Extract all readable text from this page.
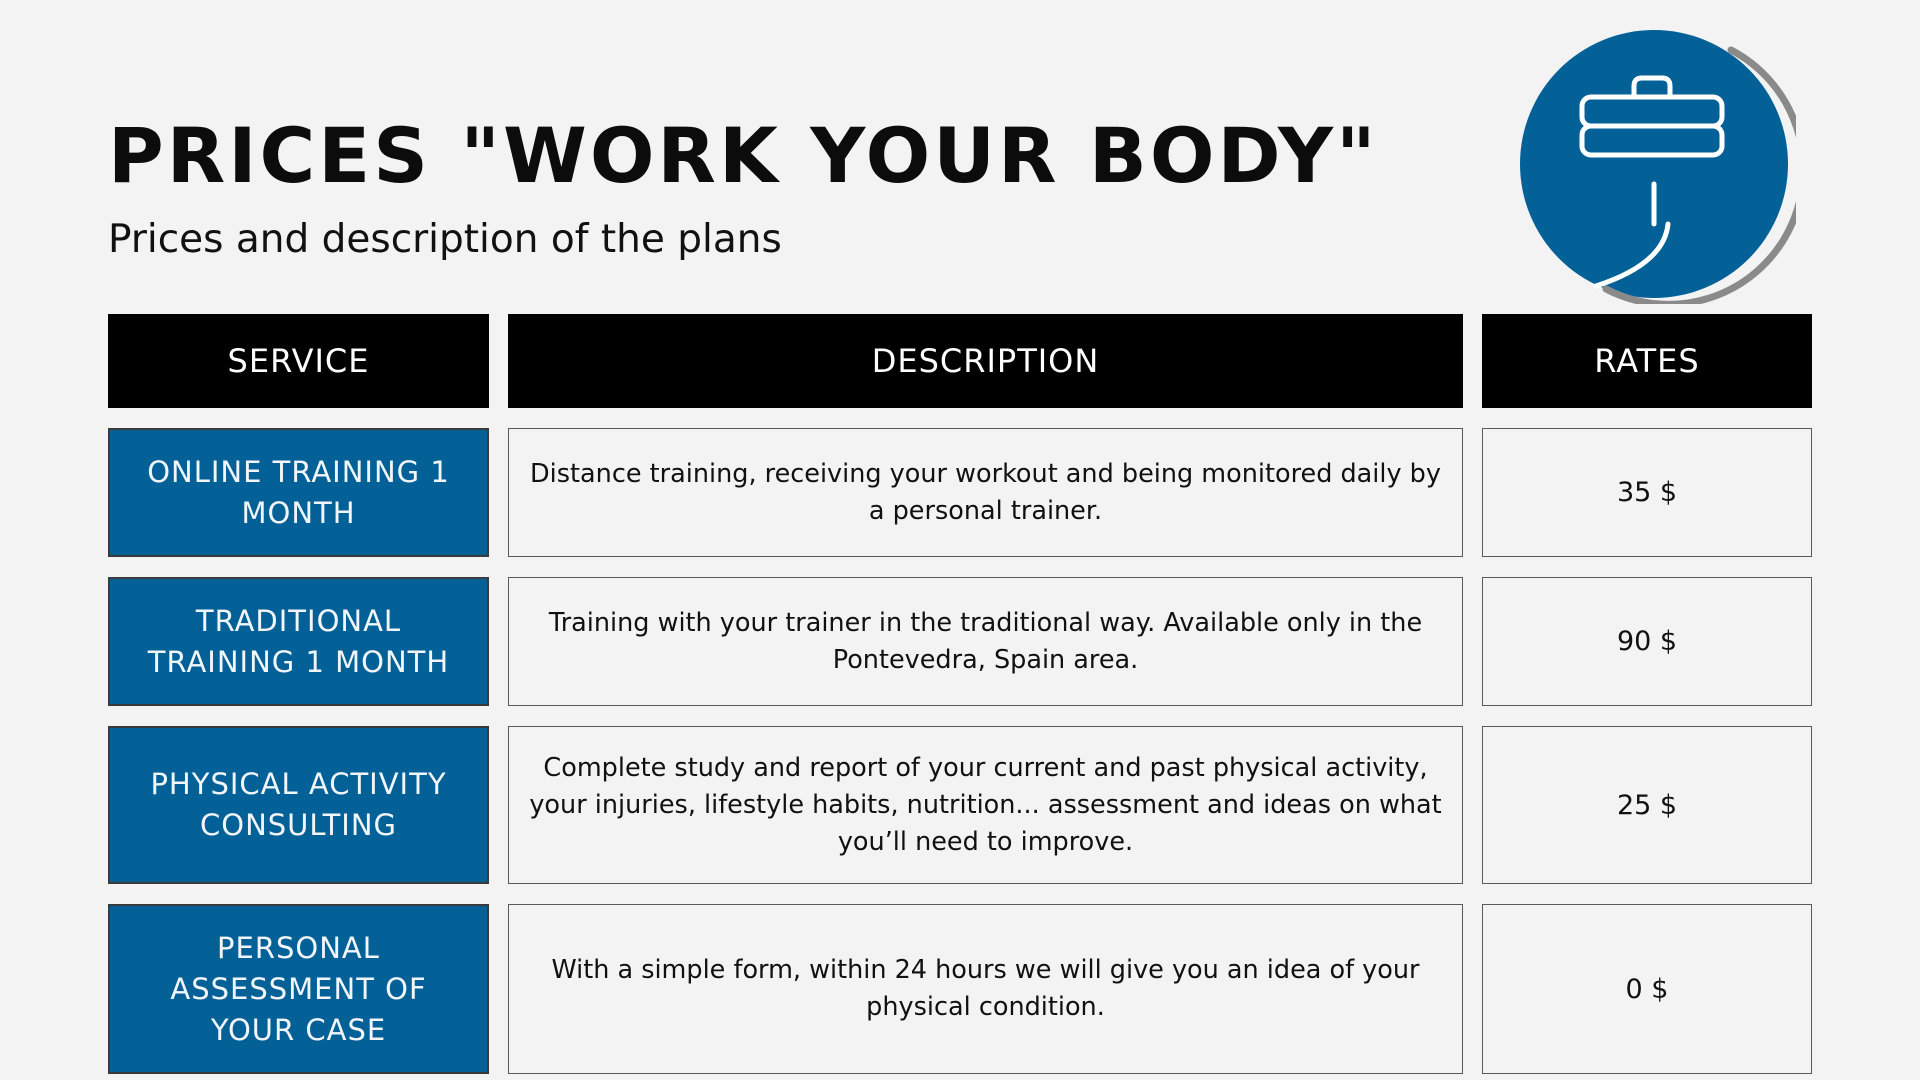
PRICES "WORK YOUR BODY"

Prices and description of the plans

SERVICE	DESCRIPTION	RATES
ONLINE TRAINING 1 MONTH
Distance training, receiving your workout and being monitored daily by a personal trainer.
35 $
TRADITIONAL TRAINING 1 MONTH
Training with your trainer in the traditional way. Available only in the Pontevedra, Spain area.
90 $
PHYSICAL ACTIVITY CONSULTING
Complete study and report of your current and past physical activity, your injuries, lifestyle habits, nutrition... assessment and ideas on what you’ll need to improve.
25 $
PERSONAL ASSESSMENT OF YOUR CASE
With a simple form, within 24 hours we will give you an idea of your physical condition.
0 $
